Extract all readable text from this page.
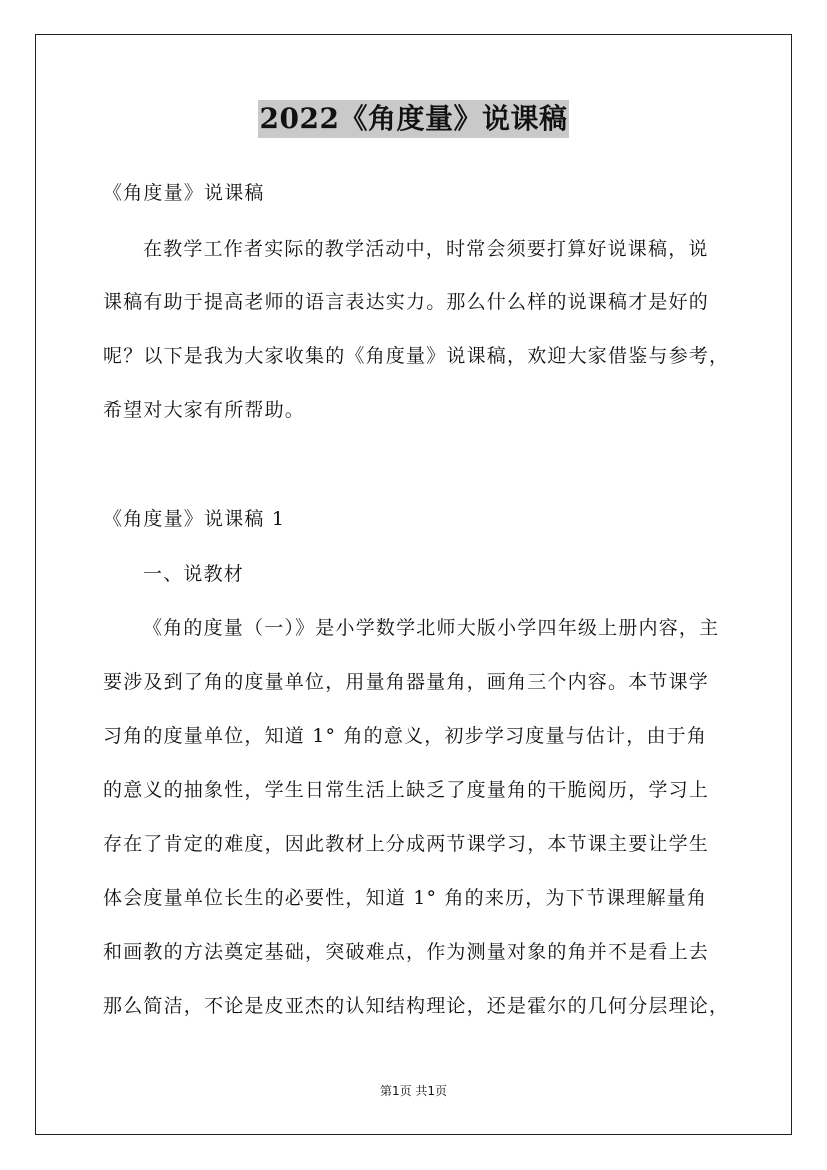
2022《角度量》说课稿
《角度量》说课稿
在教学工作者实际的教学活动中，时常会须要打算好说课稿，说
课稿有助于提高老师的语言表达实力。那么什么样的说课稿才是好的
呢？以下是我为大家收集的《角度量》说课稿，欢迎大家借鉴与参考，
希望对大家有所帮助。
《角度量》说课稿 1
一、说教材
《角的度量（一）》是小学数学北师大版小学四年级上册内容，主
要涉及到了角的度量单位，用量角器量角，画角三个内容。本节课学
习角的度量单位，知道 1° 角的意义，初步学习度量与估计，由于角
的意义的抽象性，学生日常生活上缺乏了度量角的干脆阅历，学习上
存在了肯定的难度，因此教材上分成两节课学习，本节课主要让学生
体会度量单位长生的必要性，知道 1° 角的来历，为下节课理解量角
和画教的方法奠定基础，突破难点，作为测量对象的角并不是看上去
那么简洁，不论是皮亚杰的认知结构理论，还是霍尔的几何分层理论，
第1页 共1页
